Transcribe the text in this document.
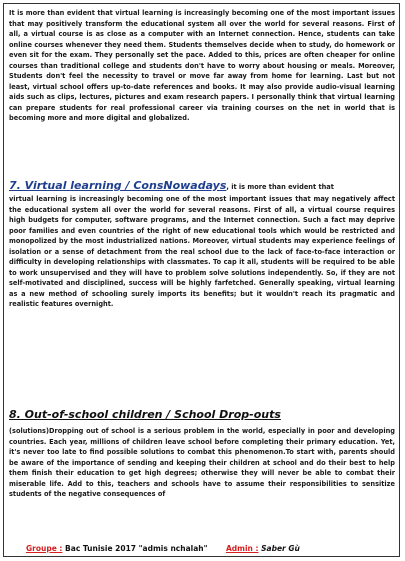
It is more than evident that virtual learning is increasingly becoming one of the most important issues that may positively transform the educational system all over the world for several reasons. First of all, a virtual course is as close as a computer with an Internet connection. Hence, students can take online courses whenever they need them. Students themselves decide when to study, do homework or even sit for the exam. They personally set the pace. Added to this, prices are often cheaper for online courses than traditional college and students don't have to worry about housing or meals. Moreover, Students don't feel the necessity to travel or move far away from home for learning. Last but not least, virtual school offers up-to-date references and books. It may also provide audio-visual learning aids such as clips, lectures, pictures and exam research papers. I personally think that virtual learning can prepare students for real professional career via training courses on the net in world that is becoming more and more digital and globalized.

7. Virtual learning / ConsNowadays, it is more than evident that

virtual learning is increasingly becoming one of the most important issues that may negatively affect the educational system all over the world for several reasons. First of all, a virtual course requires high budgets for computer, software programs, and the Internet connection. Such a fact may deprive poor families and even countries of the right of new educational tools which would be restricted and monopolized by the most industrialized nations. Moreover, virtual students may experience feelings of isolation or a sense of detachment from the real school due to the lack of face-to-face interaction or difficulty in developing relationships with classmates. To cap it all, students will be required to be able to work unsupervised and they will have to problem solve solutions independently. So, if they are not self-motivated and disciplined, success will be highly farfetched. Generally speaking, virtual learning as a new method of schooling surely imports its benefits; but it wouldn't reach its pragmatic and realistic features overnight.

8. Out-of-school children / School Drop-outs

(solutions)Dropping out of school is a serious problem in the world, especially in poor and developing countries. Each year, millions of children leave school before completing their primary education. Yet, it's never too late to find possible solutions to combat this phenomenon.To start with, parents should be aware of the importance of sending and keeping their children at school and do their best to help them finish their education to get high degrees; otherwise they will never be able to combat their miserable life. Add to this, teachers and schools have to assume their responsibilities to sensitize students of the negative consequences of

Groupe : Bac Tunisie 2017 "admis nchalah" Admin : Saber Gù
